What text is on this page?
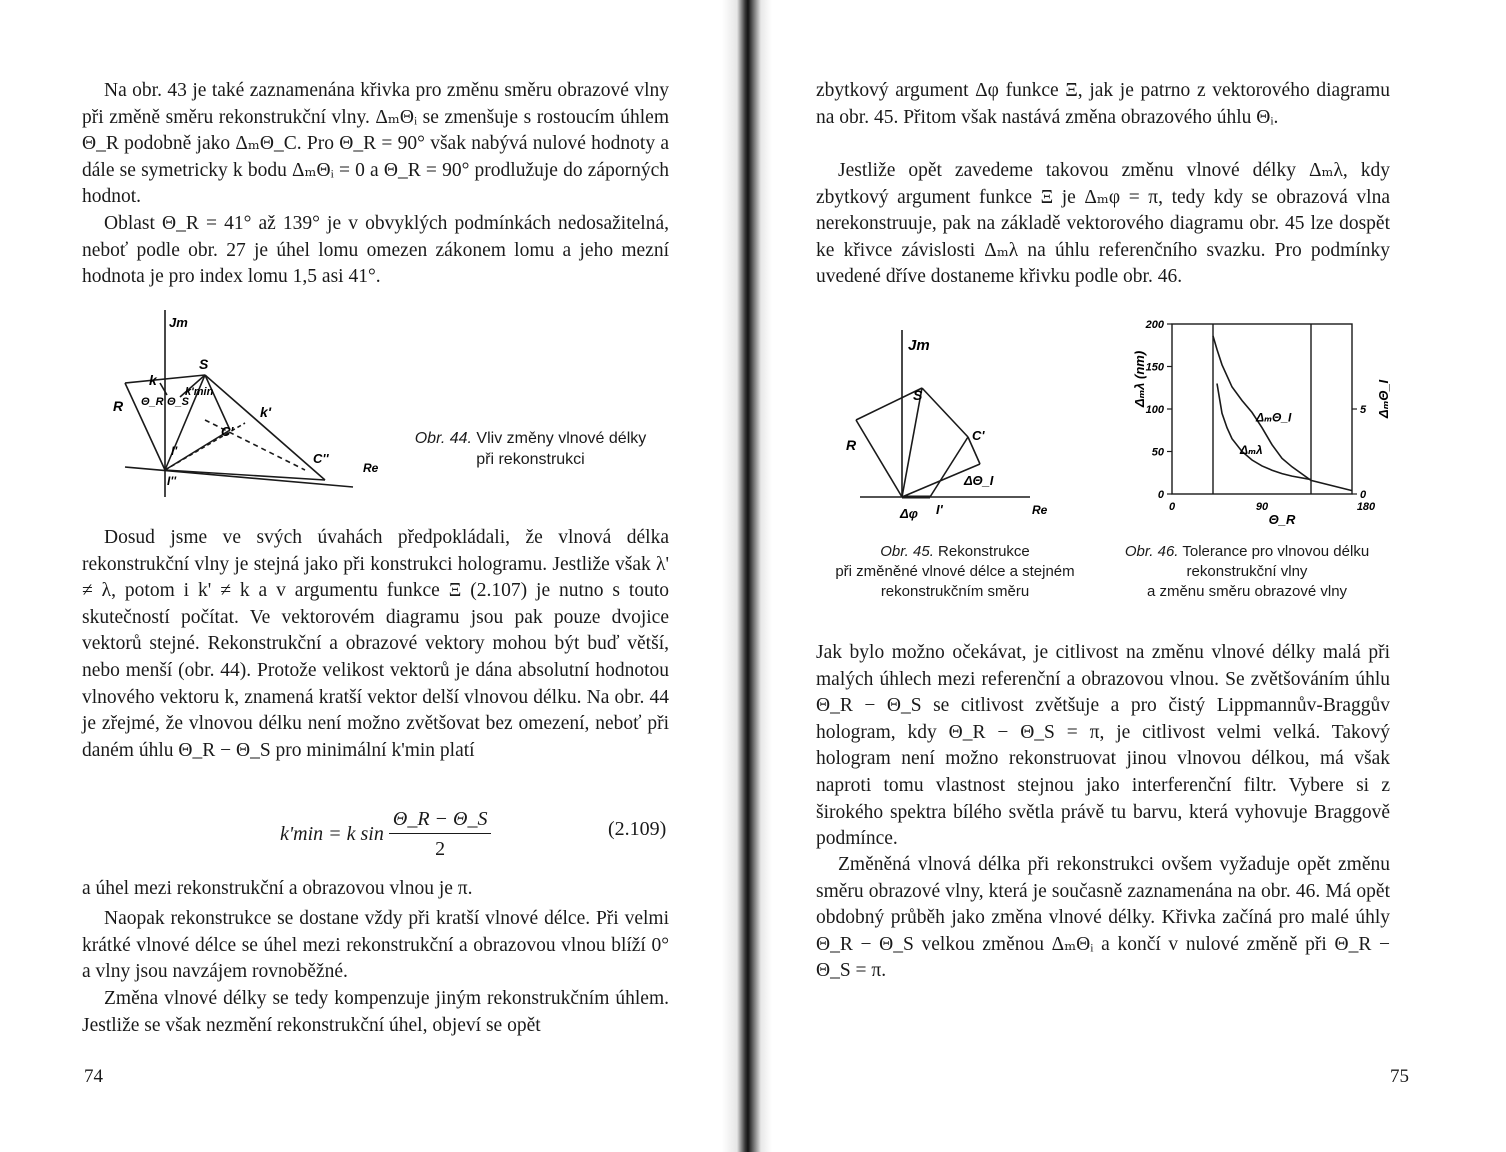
Na obr. 43 je také zaznamenána křivka pro změnu směru obrazové vlny při změně směru rekonstrukční vlny. ΔₘΘᵢ se zmenšuje s rostoucím úhlem Θ_R podobně jako ΔₘΘ_C. Pro Θ_R = 90° však nabývá nulové hodnoty a dále se symetricky k bodu ΔₘΘᵢ = 0 a Θ_R = 90° prodlužuje do záporných hodnot.

Oblast Θ_R = 41° až 139° je v obvyklých podmínkách nedosažitelná, neboť podle obr. 27 je úhel lomu omezen zákonem lomu a jeho mezní hodnota je pro index lomu 1,5 asi 41°.

Jm
S
k
R Θ_R Θ_S
k'min
k'
C'
C''
Re
I'
I''
Obr. 44. Vliv změny vlnové délky
při rekonstrukci

Dosud jsme ve svých úvahách předpokládali, že vlnová délka rekonstrukční vlny je stejná jako při konstrukci hologramu. Jestliže však λ' ≠ λ, potom i k' ≠ k a v argumentu funkce Ξ (2.107) je nutno s touto skutečností počítat. Ve vektorovém diagramu jsou pak pouze dvojice vektorů stejné. Rekonstrukční a obrazové vektory mohou být buď větší, nebo menší (obr. 44). Protože velikost vektorů je dána absolutní hodnotou vlnového vektoru k, znamená kratší vektor delší vlnovou délku. Na obr. 44 je zřejmé, že vlnovou délku není možno zvětšovat bez omezení, neboť při daném úhlu Θ_R − Θ_S pro minimální k'min platí

k'min = k $\sin \frac{\Theta\_R - \Theta\_S}{2}$	(2.109)

a úhel mezi rekonstrukční a obrazovou vlnou je π.

Naopak rekonstrukce se dostane vždy při kratší vlnové délce. Při velmi krátké vlnové délce se úhel mezi rekonstrukční a obrazovou vlnou blíží 0° a vlny jsou navzájem rovnoběžné.

Změna vlnové délky se tedy kompenzuje jiným rekonstrukčním úhlem. Jestliže se však nezmění rekonstrukční úhel, objeví se opět

74

zbytkový argument Δφ funkce Ξ, jak je patrno z vektorového diagramu na obr. 45. Přitom však nastává změna obrazového úhlu Θᵢ.

Jestliže opět zavedeme takovou změnu vlnové délky Δₘλ, kdy zbytkový argument funkce Ξ je Δₘφ = π, tedy kdy se obrazová vlna nerekonstruuje, pak na základě vektorového diagramu obr. 45 lze dospět ke křivce závislosti Δₘλ na úhlu referenčního svazku. Pro podmínky uvedené dříve dostaneme křivku podle obr. 46.

Jm
S
R
C'
ΔΘ_I
Re
Δφ I'
Obr. 45. Rekonstrukce
při změněné vlnové délce a stejném
rekonstrukčním směru
0
50
100
150
200
0
5
0	90	180
Θ_R
Δₘλ (nm)	ΔₘΘ_I
Δₘλ
ΔₘΘ_I
Obr. 46. Tolerance pro vlnovou délku
rekonstrukční vlny
a změnu směru obrazové vlny

Jak bylo možno očekávat, je citlivost na změnu vlnové délky malá při malých úhlech mezi referenční a obrazovou vlnou. Se zvětšováním úhlu Θ_R − Θ_S se citlivost zvětšuje a pro čistý Lippmannův-Braggův hologram, kdy Θ_R − Θ_S = π, je citlivost velmi velká. Takový hologram není možno rekonstruovat jinou vlnovou délkou, má však naproti tomu vlastnost stejnou jako interferenční filtr. Vybere si z širokého spektra bílého světla právě tu barvu, která vyhovuje Braggově podmínce.

Změněná vlnová délka při rekonstrukci ovšem vyžaduje opět změnu směru obrazové vlny, která je současně zaznamenána na obr. 46. Má opět obdobný průběh jako změna vlnové délky. Křivka začíná pro malé úhly Θ_R − Θ_S velkou změnou ΔₘΘᵢ a končí v nulové změně při Θ_R − Θ_S = π.

75
